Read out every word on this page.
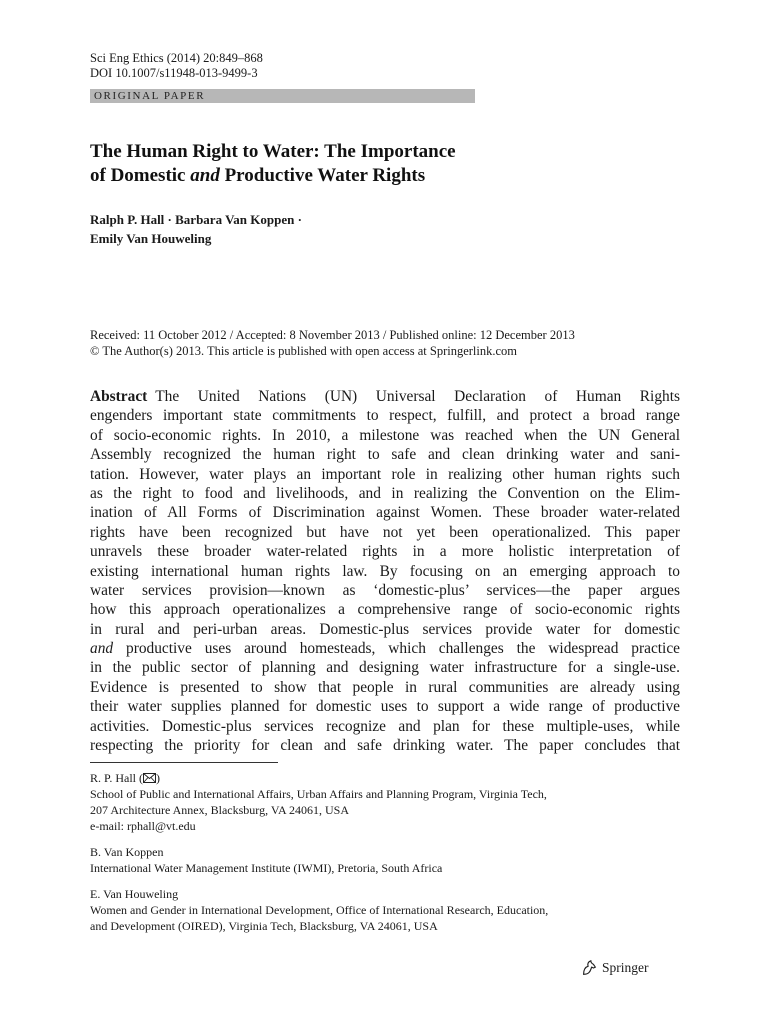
Sci Eng Ethics (2014) 20:849–868
DOI 10.1007/s11948-013-9499-3
ORIGINAL PAPER
The Human Right to Water: The Importance
of Domestic and Productive Water Rights
Ralph P. Hall · Barbara Van Koppen ·
Emily Van Houweling
Received: 11 October 2012 / Accepted: 8 November 2013 / Published online: 12 December 2013
© The Author(s) 2013. This article is published with open access at Springerlink.com
Abstract The United Nations (UN) Universal Declaration of Human Rights
engenders important state commitments to respect, fulfill, and protect a broad range
of socio-economic rights. In 2010, a milestone was reached when the UN General
Assembly recognized the human right to safe and clean drinking water and sani-
tation. However, water plays an important role in realizing other human rights such
as the right to food and livelihoods, and in realizing the Convention on the Elim-
ination of All Forms of Discrimination against Women. These broader water-related
rights have been recognized but have not yet been operationalized. This paper
unravels these broader water-related rights in a more holistic interpretation of
existing international human rights law. By focusing on an emerging approach to
water services provision—known as ‘domestic-plus’ services—the paper argues
how this approach operationalizes a comprehensive range of socio-economic rights
in rural and peri-urban areas. Domestic-plus services provide water for domestic
and productive uses around homesteads, which challenges the widespread practice
in the public sector of planning and designing water infrastructure for a single-use.
Evidence is presented to show that people in rural communities are already using
their water supplies planned for domestic uses to support a wide range of productive
activities. Domestic-plus services recognize and plan for these multiple-uses, while
respecting the priority for clean and safe drinking water. The paper concludes that
R. P. Hall ( )
School of Public and International Affairs, Urban Affairs and Planning Program, Virginia Tech,
207 Architecture Annex, Blacksburg, VA 24061, USA
e-mail: rphall@vt.edu
B. Van Koppen
International Water Management Institute (IWMI), Pretoria, South Africa
E. Van Houweling
Women and Gender in International Development, Office of International Research, Education,
and Development (OIRED), Virginia Tech, Blacksburg, VA 24061, USA
Springer
